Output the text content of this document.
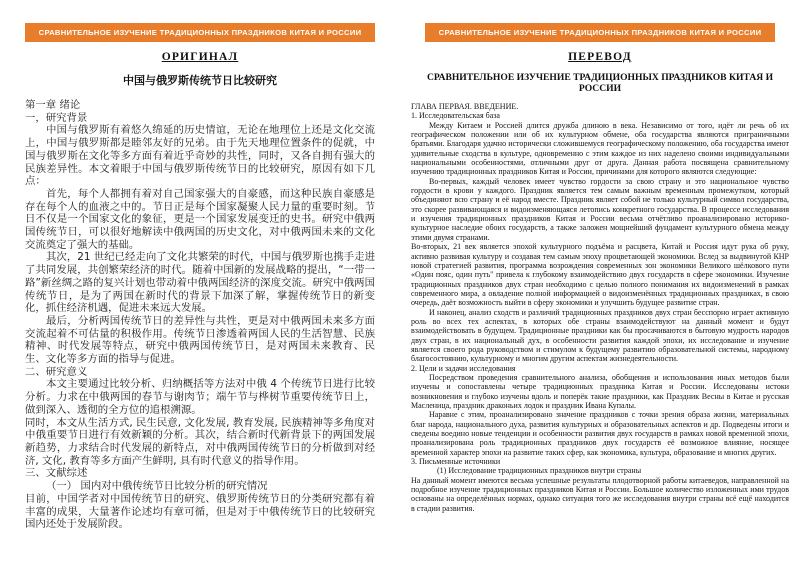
СРАВНИТЕЛЬНОЕ ИЗУЧЕНИЕ ТРАДИЦИОННЫХ ПРАЗДНИКОВ КИТАЯ И РОССИИ
ОРИГИНАЛ
中国与俄罗斯传统节日比较研究

第一章 绪论

一，研究背景

中国与俄罗斯有着悠久绵延的历史情谊，无论在地理位上还是文化交流上，中国与俄罗斯都是睦邻友好的兄弟。由于先天地理位置条件的促就，中国与俄罗斯在文化等多方面有着近乎奇妙的共性，同时，又各自拥有强大的民族差异性。本文着眼于中国与俄罗斯传统节日的比较研究，原因有如下几点：

首先，每个人都拥有着对自己国家强大的自豪感，而这种民族自豪感是存在每个人的血液之中的。节日正是每个国家凝聚人民力量的重要时刻。节日不仅是一个国家文化的象征，更是一个国家发展变迁的史书。研究中俄两国传统节日，可以很好地解读中俄两国的历史文化，对中俄两国未来的文化交流奠定了强大的基础。

其次，21 世纪已经走向了文化共繁荣的时代，中国与俄罗斯也携手走进了共同发展，共创繁荣经济的时代。随着中国新的发展战略的提出，“一带一路”新丝绸之路的复兴计划也带动着中俄两国经济的深度交流。研究中俄两国传统节日，是为了两国在新时代的背景下加深了解，掌握传统节日的新变化，抓住经济机遇，促进未来远大发展。

最后，分析两国传统节日的差异性与共性，更是对中俄两国未来多方面交流起着不可估量的积极作用。传统节日渗透着两国人民的生活智慧、民族精神、时代发展等特点，研究中俄两国传统节日，是对两国未来教育、民生、文化等多方面的指导与促进。

二、研究意义

本文主要通过比较分析、归纳概括等方法对中俄 4 个传统节日进行比较分析。力求在中俄两国的春节与谢肉节；端午节与桦树节重要传统节日上，做到深入、透彻的全方位的追根溯源。

同时，本文从生活方式, 民生民意, 文化发展, 教育发展, 民族精神等多角度对中俄重要节日进行有效新颖的分析。其次，结合新时代新背景下的两国发展新趋势，力求结合时代发展的新特点，对中俄两国传统节日的分析做到对经济, 文化, 教育等多方面产生鲜明, 具有时代意义的指导作用。

三、文献综述

（一） 国内对中俄传统节日比较分析的研究情况

目前，中国学者对中国传统节日的研究、俄罗斯传统节日的分类研究都有着丰富的成果，大量著作论述均有章可循，但是对于中俄传统节日的比较研究国内还处于发展阶段。

СРАВНИТЕЛЬНОЕ ИЗУЧЕНИЕ ТРАДИЦИОННЫХ ПРАЗДНИКОВ КИТАЯ И РОССИИ
ПЕРЕВОД
СРАВНИТЕЛЬНОЕ ИЗУЧЕНИЕ ТРАДИЦИОННЫХ ПРАЗДНИКОВ КИТАЯ И РОССИИ

ГЛАВА ПЕРВАЯ. ВВЕДЕНИЕ.

1. Исследовательская база

Между Китаем и Россией длится дружба длиною в века. Независимо от того, идёт ли речь об их географическом положении или об их культурном обмене, оба государства являются приграничными братьями. Благодаря удачно исторически сложившемуся географическому положению, оба государства имеют удивительные сходства в культуре, одновременно с этим каждое из них наделено своими индивидуальными национальными особенностями, отличными друг от друга. Данная работа посвящена сравнительному изучению традиционных праздников Китая и России, причинами для которого являются следующие:

Во-первых, каждый человек имеет чувство гордости за свою страну и это национальное чувство гордости в крови у каждого. Праздник является тем самым важным временным промежутком, который объединяют всю страну и её народ вместе. Праздник являет собой не только культурный символ государства, это скорее развивающаяся и видоизменяющаяся летопись конкретного государства. В процессе исследования и изучения традиционных праздников Китая и России весьма отчётливо проанализировано историко-культурное наследие обоих государств, а также заложен мощнейший фундамент культурного обмена между этими двумя странами.

Во-вторых, 21 век является эпохой культурного подъёма и расцвета, Китай и Россия идут рука об руку, активно развивая культуру и создавая тем самым эпоху процветающей экономики. Вслед за выдвинутой КНР новой стратегией развития, программа возрождения современных зон экономики Великого шёлкового пути «Один пояс, один путь" привела к глубокому взаимодействию двух государств в сфере экономики. Изучение традиционных праздников двух стран необходимо с целью полного понимания их видоизменений в рамках современного мира, а овладение полной информацией о видоизменённых традиционных праздниках, в свою очередь, даёт возможность выйти в сферу экономики и улучшить будущее развитие стран.

И наконец, анализ сходств и различий традиционных праздников двух стран бесспорно играет активную роль во всех тех аспектах, в которых обе страны взаимодействуют на данный момент и будут взаимодействовать в будущем. Традиционные праздники как бы просачиваются в бытовую мудрость народов двух стран, в их национальный дух, в особенности развития каждой эпохи, их исследование и изучение является своего рода руководством и стимулом к будущему развитию образовательной системы, народному благосостоянию, культурному и многим другим аспектам жизнедеятельности.

2. Цели и задачи исследования

Посредством проведения сравнительного анализа, обобщения и использования иных методов были изучены и сопоставлены четыре традиционных праздника Китая и России. Исследованы истоки возникновения и глубоко изучены вдоль и поперёк такие праздники, как Праздник Весны в Китае и русская Масленица, праздник драконьих лодок и праздник Ивана Купалы.

Наравне с этим, проанализировано значение праздников с точки зрения образа жизни, материальных благ народа, национального духа, развития культурных и образовательных аспектов и др. Подведены итоги и сведены воедино новые тенденции и особенности развития двух государств в рамках новой временной эпохи, проанализирована роль традиционных праздников двух государств её возможное влияние, носящее временной характер эпохи на развитие таких сфер, как экономика, культура, образование и многих других.

3. Письменные источники

(1) Исследование традиционных праздников внутри страны

На данный момент имеются весьма успешные результаты плодотворной работы китаеведов, направленной на подробное изучение традиционных праздников Китая и России. Большое количество изложенных ими трудов основаны на определённых нормах, однако ситуация того же исследования внутри страны всё ещё находится в стадии развития.
